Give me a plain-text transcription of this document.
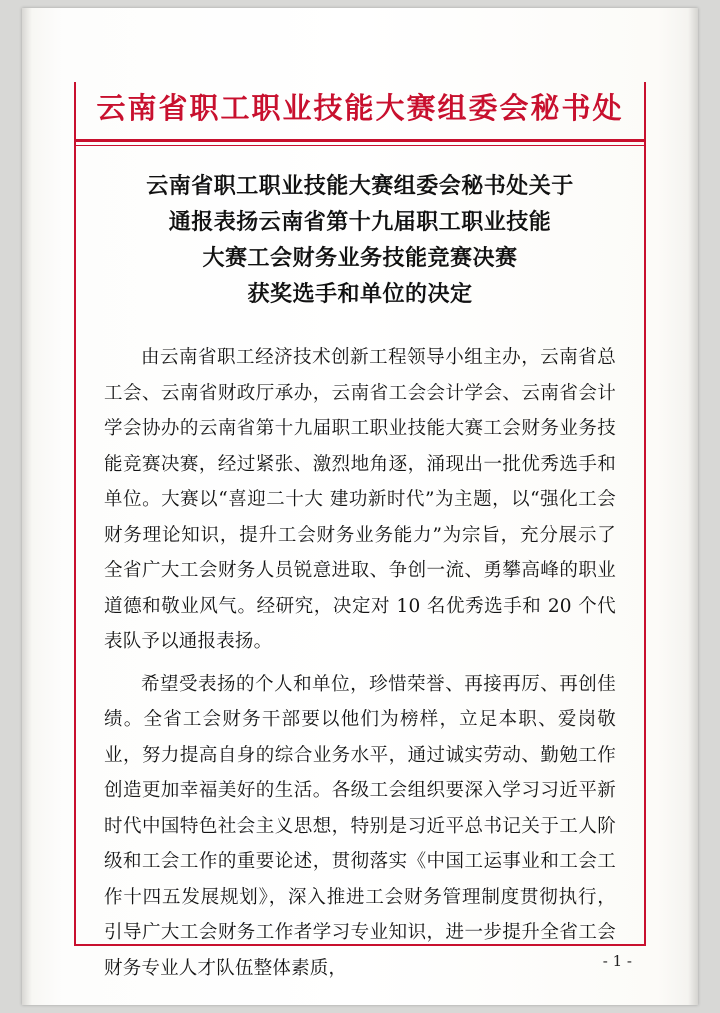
云南省职工职业技能大赛组委会秘书处
云南省职工职业技能大赛组委会秘书处关于
通报表扬云南省第十九届职工职业技能
大赛工会财务业务技能竞赛决赛
获奖选手和单位的决定

由云南省职工经济技术创新工程领导小组主办，云南省总工会、云南省财政厅承办，云南省工会会计学会、云南省会计学会协办的云南省第十九届职工职业技能大赛工会财务业务技能竞赛决赛，经过紧张、激烈地角逐，涌现出一批优秀选手和单位。大赛以“喜迎二十大 建功新时代”为主题，以“强化工会财务理论知识，提升工会财务业务能力”为宗旨，充分展示了全省广大工会财务人员锐意进取、争创一流、勇攀高峰的职业道德和敬业风气。经研究，决定对 10 名优秀选手和 20 个代表队予以通报表扬。

希望受表扬的个人和单位，珍惜荣誉、再接再厉、再创佳绩。全省工会财务干部要以他们为榜样，立足本职、爱岗敬业，努力提高自身的综合业务水平，通过诚实劳动、勤勉工作创造更加幸福美好的生活。各级工会组织要深入学习习近平新时代中国特色社会主义思想，特别是习近平总书记关于工人阶级和工会工作的重要论述，贯彻落实《中国工运事业和工会工作十四五发展规划》，深入推进工会财务管理制度贯彻执行，引导广大工会财务工作者学习专业知识，进一步提升全省工会财务专业人才队伍整体素质，	- 1 -
